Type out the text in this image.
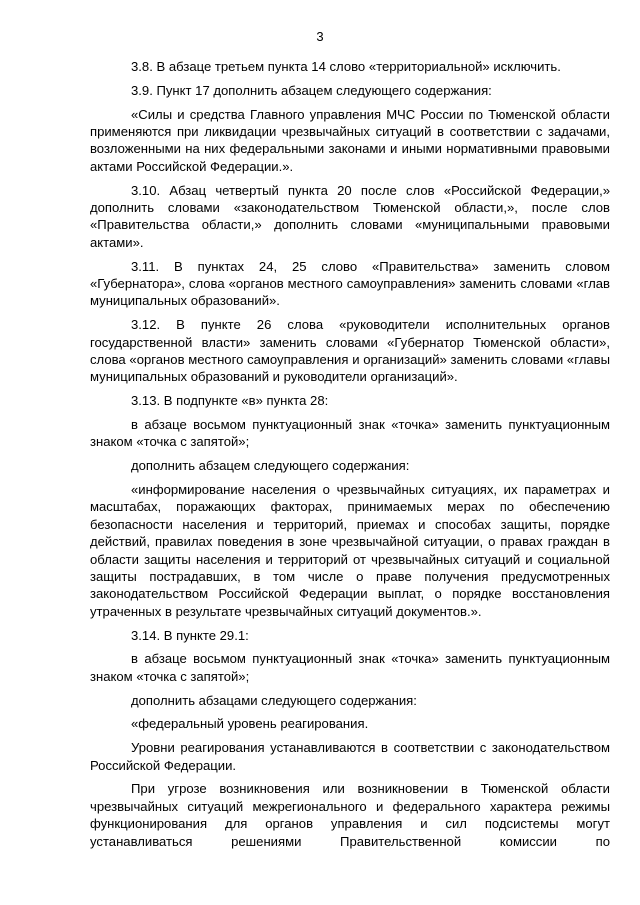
3

3.8. В абзаце третьем пункта 14 слово «территориальной» исключить.

3.9. Пункт 17 дополнить абзацем следующего содержания:

«Силы и средства Главного управления МЧС России по Тюменской области применяются при ликвидации чрезвычайных ситуаций в соответствии с задачами, возложенными на них федеральными законами и иными нормативными правовыми актами Российской Федерации.».

3.10. Абзац четвертый пункта 20 после слов «Российской Федерации,» дополнить словами «законодательством Тюменской области,», после слов «Правительства области,» дополнить словами «муниципальными правовыми актами».

3.11. В пунктах 24, 25 слово «Правительства» заменить словом «Губернатора», слова «органов местного самоуправления» заменить словами «глав муниципальных образований».

3.12. В пункте 26 слова «руководители исполнительных органов государственной власти» заменить словами «Губернатор Тюменской области», слова «органов местного самоуправления и организаций» заменить словами «главы муниципальных образований и руководители организаций».

3.13. В подпункте «в» пункта 28:

в абзаце восьмом пунктуационный знак «точка» заменить пунктуационным знаком «точка с запятой»;

дополнить абзацем следующего содержания:

«информирование населения о чрезвычайных ситуациях, их параметрах и масштабах, поражающих факторах, принимаемых мерах по обеспечению безопасности населения и территорий, приемах и способах защиты, порядке действий, правилах поведения в зоне чрезвычайной ситуации, о правах граждан в области защиты населения и территорий от чрезвычайных ситуаций и социальной защиты пострадавших, в том числе о праве получения предусмотренных законодательством Российской Федерации выплат, о порядке восстановления утраченных в результате чрезвычайных ситуаций документов.».

3.14. В пункте 29.1:

в абзаце восьмом пунктуационный знак «точка» заменить пунктуационным знаком «точка с запятой»;

дополнить абзацами следующего содержания:

«федеральный уровень реагирования.

Уровни реагирования устанавливаются в соответствии с законодательством Российской Федерации.

При угрозе возникновения или возникновении в Тюменской области чрезвычайных ситуаций межрегионального и федерального характера режимы функционирования для органов управления и сил подсистемы могут устанавливаться решениями Правительственной комиссии по
